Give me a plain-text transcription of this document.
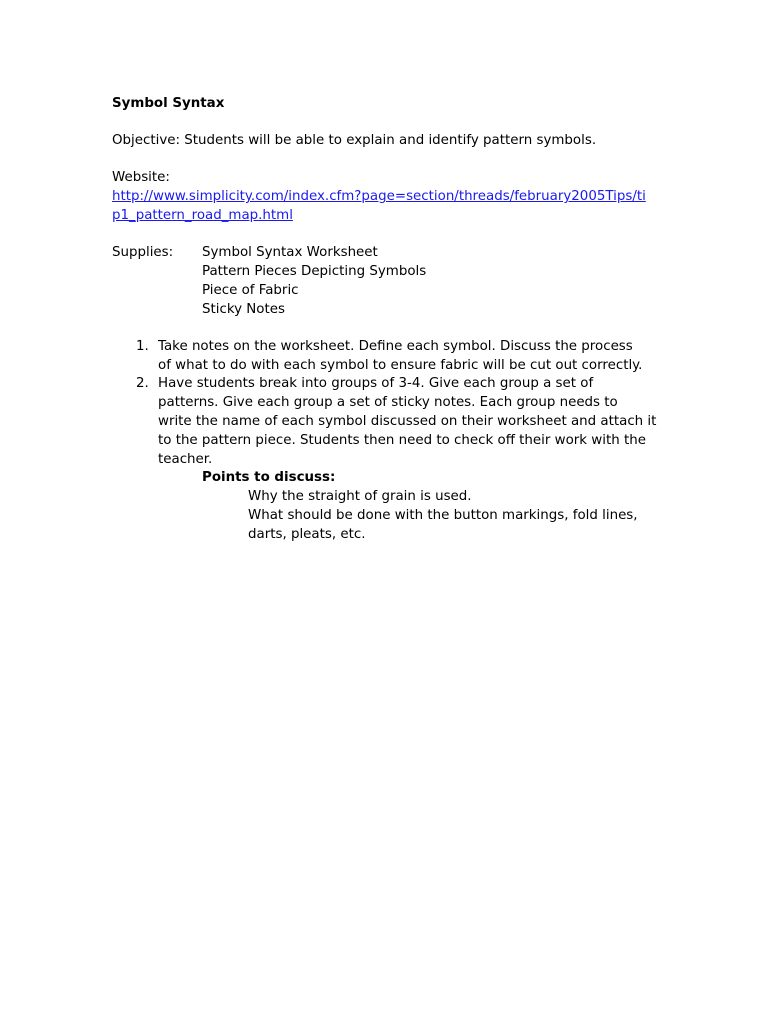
Symbol Syntax
Objective: Students will be able to explain and identify pattern symbols.
Website:
http://www.simplicity.com/index.cfm?page=section/threads/february2005Tips/ti
p1_pattern_road_map.html
Supplies: Symbol Syntax Worksheet
Pattern Pieces Depicting Symbols
Piece of Fabric
Sticky Notes
1. Take notes on the worksheet. Define each symbol. Discuss the process
of what to do with each symbol to ensure fabric will be cut out correctly.
2. Have students break into groups of 3-4. Give each group a set of
patterns. Give each group a set of sticky notes. Each group needs to
write the name of each symbol discussed on their worksheet and attach it
to the pattern piece. Students then need to check off their work with the
teacher.
Points to discuss:
Why the straight of grain is used.
What should be done with the button markings, fold lines,
darts, pleats, etc.
